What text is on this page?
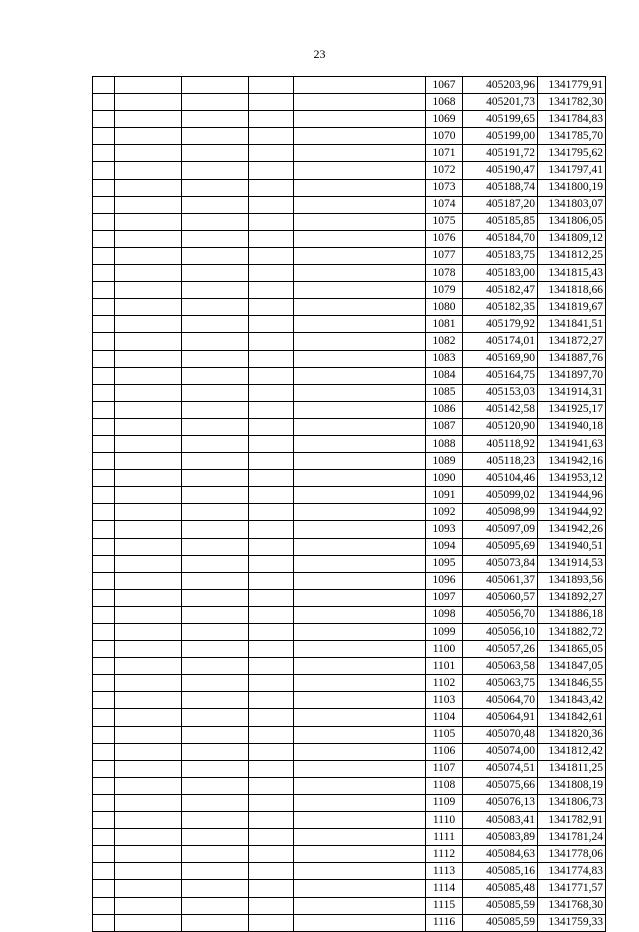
23
					1067	405203,96	1341779,91
					1068	405201,73	1341782,30
					1069	405199,65	1341784,83
					1070	405199,00	1341785,70
					1071	405191,72	1341795,62
					1072	405190,47	1341797,41
					1073	405188,74	1341800,19
					1074	405187,20	1341803,07
					1075	405185,85	1341806,05
					1076	405184,70	1341809,12
					1077	405183,75	1341812,25
					1078	405183,00	1341815,43
					1079	405182,47	1341818,66
					1080	405182,35	1341819,67
					1081	405179,92	1341841,51
					1082	405174,01	1341872,27
					1083	405169,90	1341887,76
					1084	405164,75	1341897,70
					1085	405153,03	1341914,31
					1086	405142,58	1341925,17
					1087	405120,90	1341940,18
					1088	405118,92	1341941,63
					1089	405118,23	1341942,16
					1090	405104,46	1341953,12
					1091	405099,02	1341944,96
					1092	405098,99	1341944,92
					1093	405097,09	1341942,26
					1094	405095,69	1341940,51
					1095	405073,84	1341914,53
					1096	405061,37	1341893,56
					1097	405060,57	1341892,27
					1098	405056,70	1341886,18
					1099	405056,10	1341882,72
					1100	405057,26	1341865,05
					1101	405063,58	1341847,05
					1102	405063,75	1341846,55
					1103	405064,70	1341843,42
					1104	405064,91	1341842,61
					1105	405070,48	1341820,36
					1106	405074,00	1341812,42
					1107	405074,51	1341811,25
					1108	405075,66	1341808,19
					1109	405076,13	1341806,73
					1110	405083,41	1341782,91
					1111	405083,89	1341781,24
					1112	405084,63	1341778,06
					1113	405085,16	1341774,83
					1114	405085,48	1341771,57
					1115	405085,59	1341768,30
					1116	405085,59	1341759,33
